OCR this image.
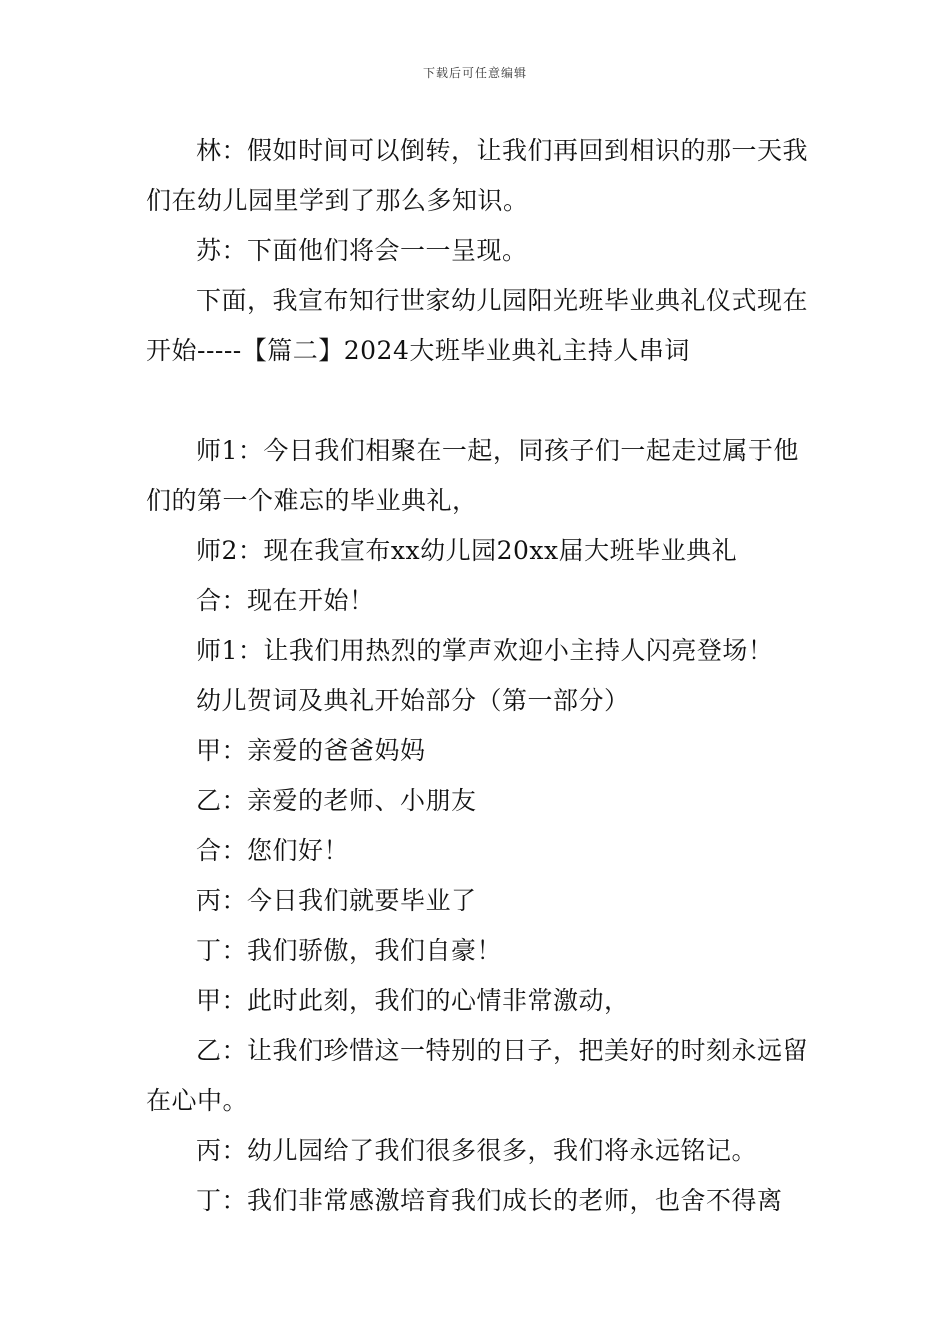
下载后可任意编辑

林：假如时间可以倒转，让我们再回到相识的那一天我们在幼儿园里学到了那么多知识。

苏：下面他们将会一一呈现。

下面，我宣布知行世家幼儿园阳光班毕业典礼仪式现在开始-----【篇二】2024大班毕业典礼主持人串词

师1：今日我们相聚在一起，同孩子们一起走过属于他们的第一个难忘的毕业典礼，

师2：现在我宣布xx幼儿园20xx届大班毕业典礼

合：现在开始！

师1：让我们用热烈的掌声欢迎小主持人闪亮登场！

幼儿贺词及典礼开始部分（第一部分）

甲：亲爱的爸爸妈妈

乙：亲爱的老师、小朋友

合：您们好！

丙：今日我们就要毕业了

丁：我们骄傲，我们自豪！

甲：此时此刻，我们的心情非常激动，

乙：让我们珍惜这一特别的日子，把美好的时刻永远留在心中。

丙：幼儿园给了我们很多很多，我们将永远铭记。

丁：我们非常感激培育我们成长的老师，也舍不得离
